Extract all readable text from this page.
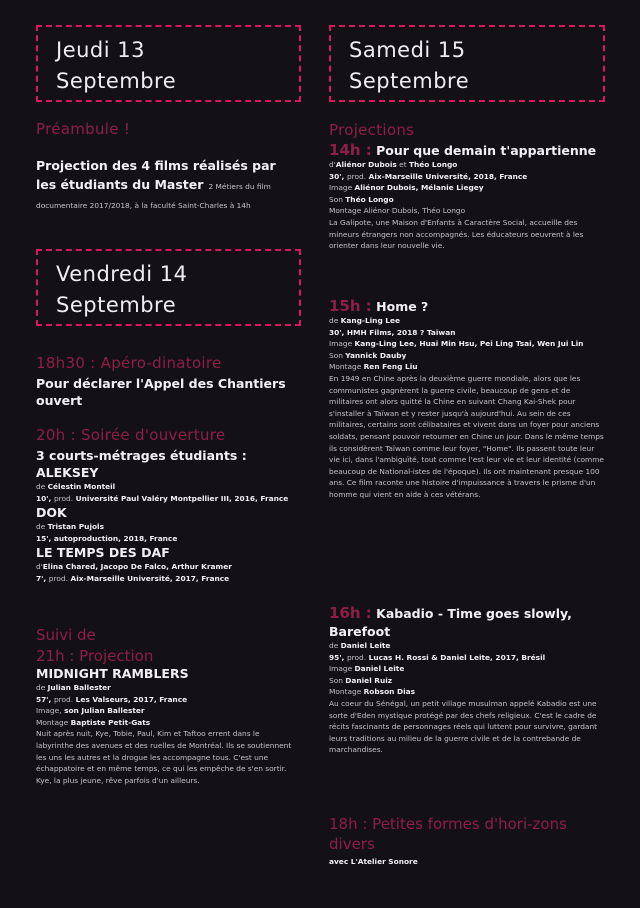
Jeudi 13
Septembre
Préambule !
Projection des 4 films réalisés par les étudiants du Master 2 Métiers du film documentaire 2017/2018, à la faculté Saint-Charles à 14h
Vendredi 14
Septembre
18h30 : Apéro-dinatoire
Pour déclarer l'Appel des Chantiers ouvert
20h : Soirée d'ouverture
3 courts-métrages étudiants :
ALEKSEY
de Célestin Monteil
10', prod. Université Paul Valéry Montpellier III, 2016, France
DOK
de Tristan Pujols
15', autoproduction, 2018, France
LE TEMPS DES DAF
d'Elina Chared, Jacopo De Falco, Arthur Kramer
7', prod. Aix-Marseille Université, 2017, France
Suivi de
21h : Projection
MIDNIGHT RAMBLERS
de Julian Ballester
57', prod. Les Valseurs, 2017, France
Image, son Julian Ballester
Montage Baptiste Petit-Gats
Nuit après nuit, Kye, Tobie, Paul, Kim et Taftoo errent dans le labyrinthe des avenues et des ruelles de Montréal. Ils se soutiennent les uns les autres et la drogue les accompagne tous. C'est une échappatoire et en même temps, ce qui les empêche de s'en sortir. Kye, la plus jeune, rêve parfois d'un ailleurs.
Samedi 15
Septembre
Projections
14h : Pour que demain t'appartienne
d'Aliénor Dubois et Théo Longo
30', prod. Aix-Marseille Université, 2018, France
Image Aliénor Dubois, Mélanie Liegey
Son Théo Longo
Montage Aliénor Dubois, Théo Longo
La Galipote, une Maison d'Enfants à Caractère Social, accueille des mineurs étrangers non accompagnés. Les éducateurs oeuvrent à les orienter dans leur nouvelle vie.
15h : Home ?
de Kang-Ling Lee
30', HMH Films, 2018 ? Taïwan
Image Kang-Ling Lee, Huai Min Hsu, Pei Ling Tsai, Wen Jui Lin
Son Yannick Dauby
Montage Ren Feng Liu
En 1949 en Chine après la deuxième guerre mondiale, alors que les communistes gagnèrent la guerre civile, beaucoup de gens et de militaires ont alors quitté la Chine en suivant Chang Kai-Shek pour s'installer à Taïwan et y rester jusqu'à aujourd'hui. Au sein de ces militaires, certains sont célibataires et vivent dans un foyer pour anciens soldats, pensant pouvoir retourner en Chine un jour. Dans le même temps ils considèrent Taïwan comme leur foyer, "Home". Ils passent toute leur vie ici, dans l'ambiguïté, tout comme l'est leur vie et leur identité (comme beaucoup de National-istes de l'époque). Ils ont maintenant presque 100 ans. Ce film raconte une histoire d'impuissance à travers le prisme d'un homme qui vient en aide à ces vétérans.
16h : Kabadio - Time goes slowly,
Barefoot
de Daniel Leite
95', prod. Lucas H. Rossi & Daniel Leite, 2017, Brésil
Image Daniel Leite
Son Daniel Ruiz
Montage Robson Dias
Au coeur du Sénégal, un petit village musulman appelé Kabadio est une sorte d'Eden mystique protégé par des chefs religieux. C'est le cadre de récits fascinants de personnages réels qui luttent pour survivre, gardant leurs traditions au milieu de la guerre civile et de la contrebande de marchandises.
18h : Petites formes d'hori-zons divers
avec L'Atelier Sonore
